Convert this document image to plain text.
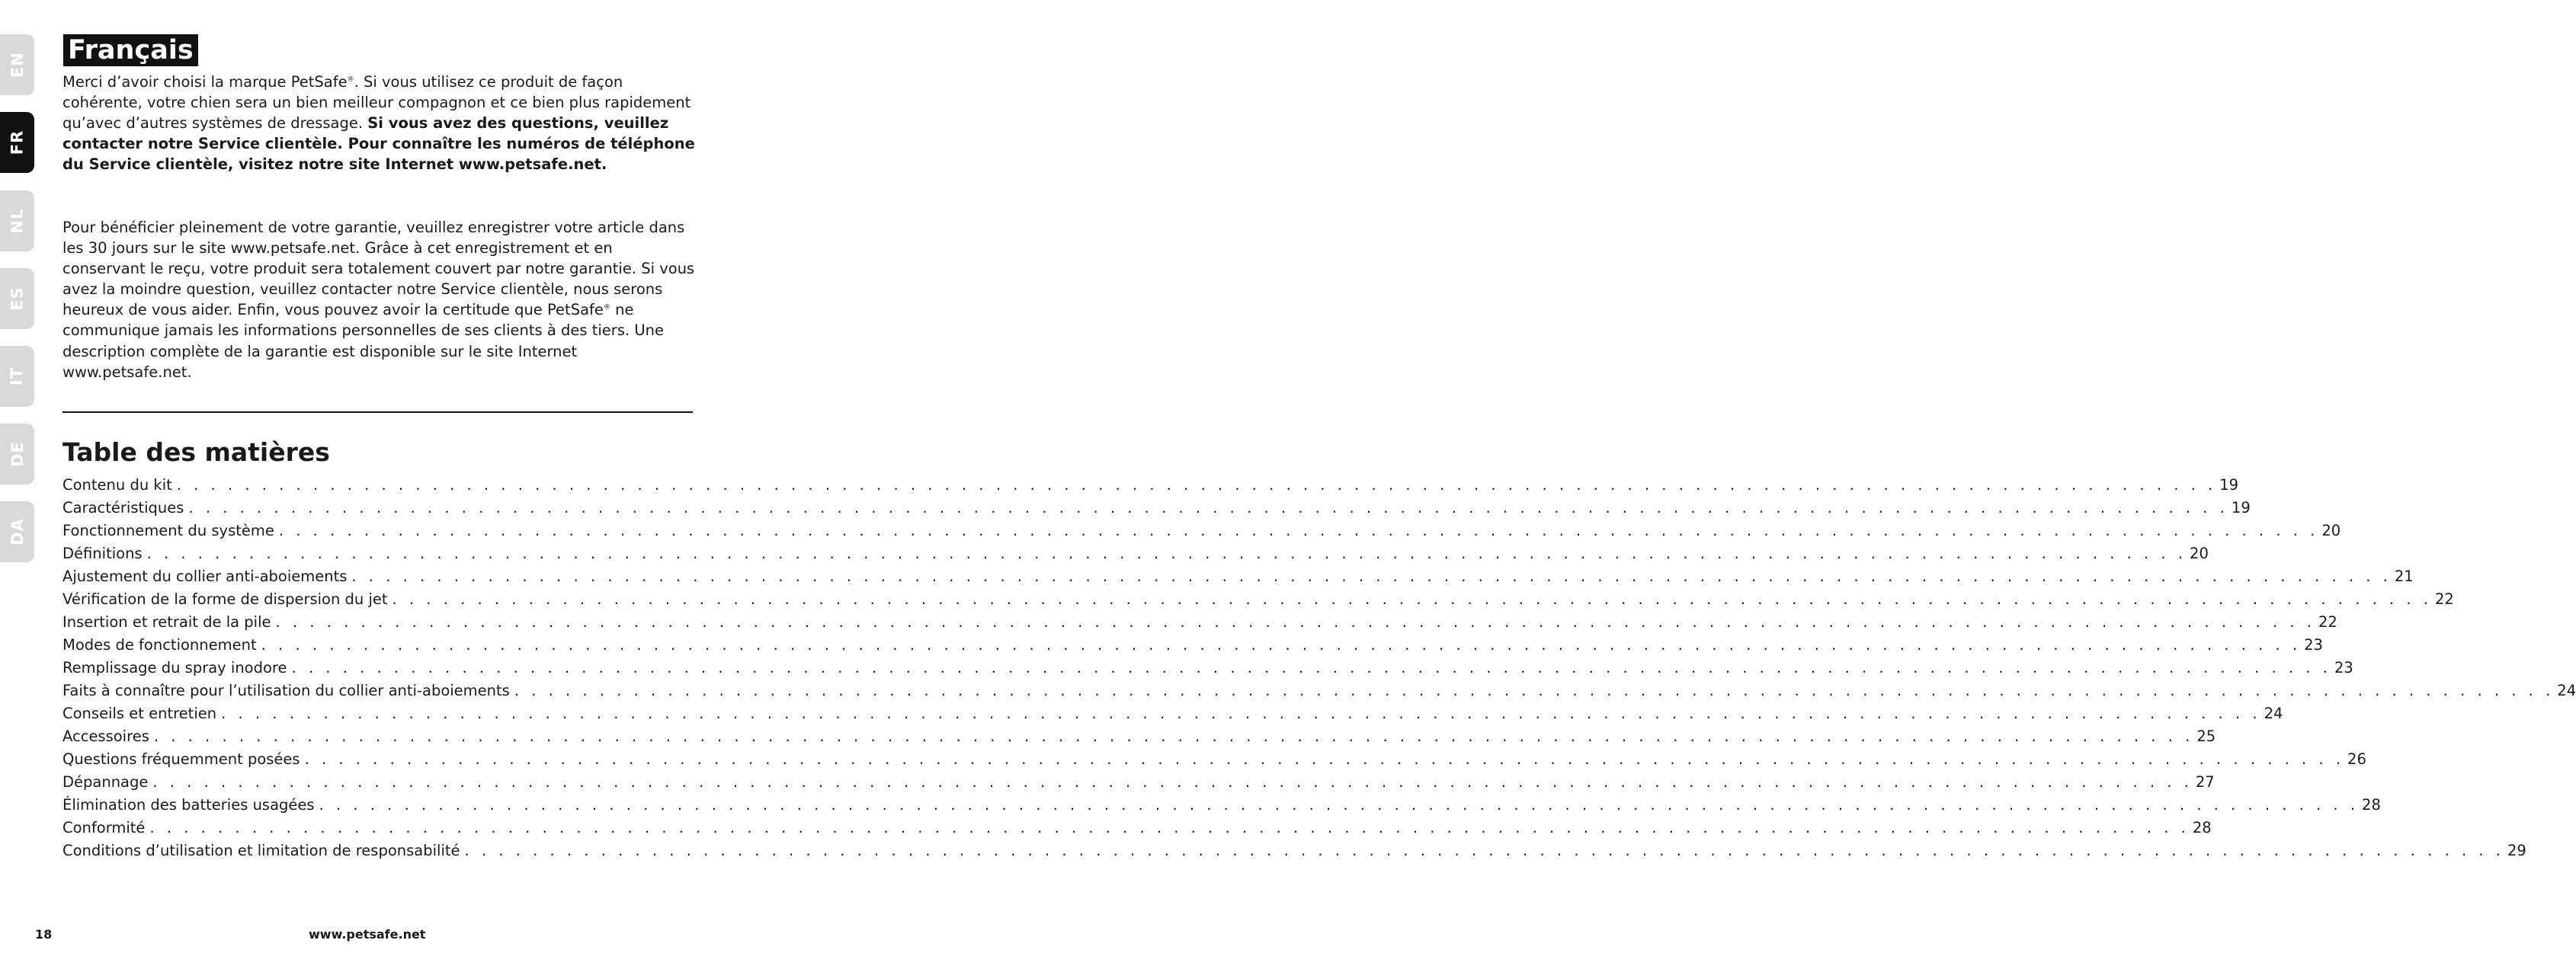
EN
FR
NL
ES
IT
DE
DA
Français

Merci d’avoir choisi la marque PetSafe®. Si vous utilisez ce produit de façon cohérente, votre chien sera un bien meilleur compagnon et ce bien plus rapidement qu’avec d’autres systèmes de dressage. Si vous avez des questions, veuillez contacter notre Service clientèle. Pour connaître les numéros de téléphone du Service clientèle, visitez notre site Internet www.petsafe.net.

Pour bénéficier pleinement de votre garantie, veuillez enregistrer votre article dans les 30 jours sur le site www.petsafe.net. Grâce à cet enregistrement et en conservant le reçu, votre produit sera totalement couvert par notre garantie. Si vous avez la moindre question, veuillez contacter notre Service clientèle, nous serons heureux de vous aider. Enfin, vous pouvez avoir la certitude que PetSafe® ne communique jamais les informations personnelles de ses clients à des tiers. Une description complète de la garantie est disponible sur le site Internet www.petsafe.net.

Table des matières
Contenu du kit . . . . . . . . . . . . . . . . . . . . . . . . . . . . . . . . . . . . . . . . . . . . . . . . . . . . . . . . . . . . . . . . . . . . . . . . . . . . . . . . . . . . . . . . . . . . . . . . . . . . . . . . . . . . . . . . . . . . . . . . 19
Caractéristiques . . . . . . . . . . . . . . . . . . . . . . . . . . . . . . . . . . . . . . . . . . . . . . . . . . . . . . . . . . . . . . . . . . . . . . . . . . . . . . . . . . . . . . . . . . . . . . . . . . . . . . . . . . . . . . . . . . . . . . . . 19
Fonctionnement du système . . . . . . . . . . . . . . . . . . . . . . . . . . . . . . . . . . . . . . . . . . . . . . . . . . . . . . . . . . . . . . . . . . . . . . . . . . . . . . . . . . . . . . . . . . . . . . . . . . . . . . . . . . . . . . . . . . . . . . . . 20
Définitions . . . . . . . . . . . . . . . . . . . . . . . . . . . . . . . . . . . . . . . . . . . . . . . . . . . . . . . . . . . . . . . . . . . . . . . . . . . . . . . . . . . . . . . . . . . . . . . . . . . . . . . . . . . . . . . . . . . . . . . . 20
Ajustement du collier anti-aboiements . . . . . . . . . . . . . . . . . . . . . . . . . . . . . . . . . . . . . . . . . . . . . . . . . . . . . . . . . . . . . . . . . . . . . . . . . . . . . . . . . . . . . . . . . . . . . . . . . . . . . . . . . . . . . . . . . . . . . . . . 21
Vérification de la forme de dispersion du jet . . . . . . . . . . . . . . . . . . . . . . . . . . . . . . . . . . . . . . . . . . . . . . . . . . . . . . . . . . . . . . . . . . . . . . . . . . . . . . . . . . . . . . . . . . . . . . . . . . . . . . . . . . . . . . . . . . . . . . . . 22
Insertion et retrait de la pile . . . . . . . . . . . . . . . . . . . . . . . . . . . . . . . . . . . . . . . . . . . . . . . . . . . . . . . . . . . . . . . . . . . . . . . . . . . . . . . . . . . . . . . . . . . . . . . . . . . . . . . . . . . . . . . . . . . . . . . . 22
Modes de fonctionnement . . . . . . . . . . . . . . . . . . . . . . . . . . . . . . . . . . . . . . . . . . . . . . . . . . . . . . . . . . . . . . . . . . . . . . . . . . . . . . . . . . . . . . . . . . . . . . . . . . . . . . . . . . . . . . . . . . . . . . . . 23
Remplissage du spray inodore . . . . . . . . . . . . . . . . . . . . . . . . . . . . . . . . . . . . . . . . . . . . . . . . . . . . . . . . . . . . . . . . . . . . . . . . . . . . . . . . . . . . . . . . . . . . . . . . . . . . . . . . . . . . . . . . . . . . . . . . 23
Faits à connaître pour l’utilisation du collier anti-aboiements . . . . . . . . . . . . . . . . . . . . . . . . . . . . . . . . . . . . . . . . . . . . . . . . . . . . . . . . . . . . . . . . . . . . . . . . . . . . . . . . . . . . . . . . . . . . . . . . . . . . . . . . . . . . . . . . . . . . . . . . 24
Conseils et entretien . . . . . . . . . . . . . . . . . . . . . . . . . . . . . . . . . . . . . . . . . . . . . . . . . . . . . . . . . . . . . . . . . . . . . . . . . . . . . . . . . . . . . . . . . . . . . . . . . . . . . . . . . . . . . . . . . . . . . . . . 24
Accessoires . . . . . . . . . . . . . . . . . . . . . . . . . . . . . . . . . . . . . . . . . . . . . . . . . . . . . . . . . . . . . . . . . . . . . . . . . . . . . . . . . . . . . . . . . . . . . . . . . . . . . . . . . . . . . . . . . . . . . . . . 25
Questions fréquemment posées . . . . . . . . . . . . . . . . . . . . . . . . . . . . . . . . . . . . . . . . . . . . . . . . . . . . . . . . . . . . . . . . . . . . . . . . . . . . . . . . . . . . . . . . . . . . . . . . . . . . . . . . . . . . . . . . . . . . . . . . 26
Dépannage . . . . . . . . . . . . . . . . . . . . . . . . . . . . . . . . . . . . . . . . . . . . . . . . . . . . . . . . . . . . . . . . . . . . . . . . . . . . . . . . . . . . . . . . . . . . . . . . . . . . . . . . . . . . . . . . . . . . . . . . 27
Élimination des batteries usagées . . . . . . . . . . . . . . . . . . . . . . . . . . . . . . . . . . . . . . . . . . . . . . . . . . . . . . . . . . . . . . . . . . . . . . . . . . . . . . . . . . . . . . . . . . . . . . . . . . . . . . . . . . . . . . . . . . . . . . . . 28
Conformité . . . . . . . . . . . . . . . . . . . . . . . . . . . . . . . . . . . . . . . . . . . . . . . . . . . . . . . . . . . . . . . . . . . . . . . . . . . . . . . . . . . . . . . . . . . . . . . . . . . . . . . . . . . . . . . . . . . . . . . . 28
Conditions d’utilisation et limitation de responsabilité . . . . . . . . . . . . . . . . . . . . . . . . . . . . . . . . . . . . . . . . . . . . . . . . . . . . . . . . . . . . . . . . . . . . . . . . . . . . . . . . . . . . . . . . . . . . . . . . . . . . . . . . . . . . . . . . . . . . . . . . 29
18	www.petsafe.net
